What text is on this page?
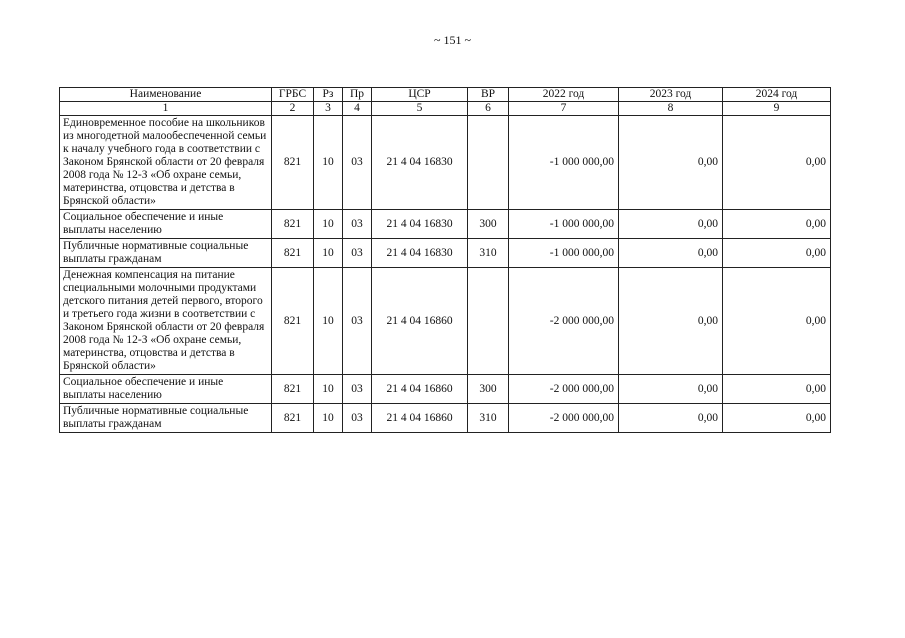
~ 151 ~
Наименование	ГРБС	Рз	Пр	ЦСР	ВР	2022 год	2023 год	2024 год
1	2	3	4	5	6	7	8	9
Единовременное пособие на школьников из многодетной малообеспеченной семьи к началу учебного года в соответствии с Законом Брянской области от 20 февраля 2008 года № 12-З «Об охране семьи, материнства, отцовства и детства в Брянской области»	821	10	03	21 4 04 16830		-1 000 000,00	0,00	0,00
Социальное обеспечение и иные выплаты населению	821	10	03	21 4 04 16830	300	-1 000 000,00	0,00	0,00
Публичные нормативные социальные выплаты гражданам	821	10	03	21 4 04 16830	310	-1 000 000,00	0,00	0,00
Денежная компенсация на питание специальными молочными продуктами детского питания детей первого, второго и третьего года жизни в соответствии с Законом Брянской области от 20 февраля 2008 года № 12-З «Об охране семьи, материнства, отцовства и детства в Брянской области»	821	10	03	21 4 04 16860		-2 000 000,00	0,00	0,00
Социальное обеспечение и иные выплаты населению	821	10	03	21 4 04 16860	300	-2 000 000,00	0,00	0,00
Публичные нормативные социальные выплаты гражданам	821	10	03	21 4 04 16860	310	-2 000 000,00	0,00	0,00
